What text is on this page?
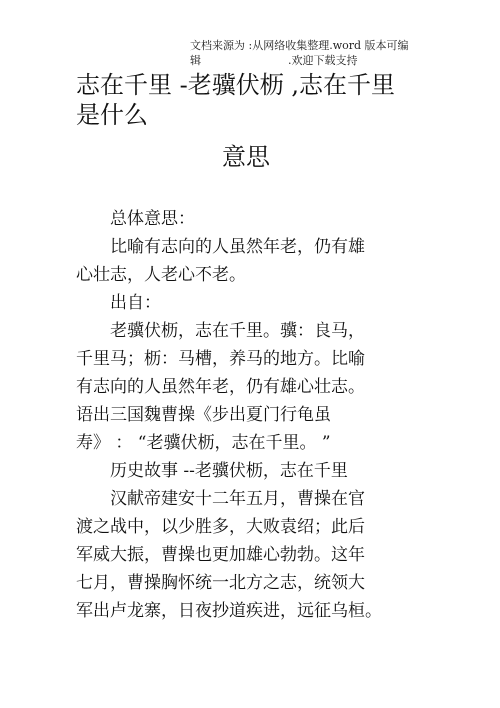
文档来源为 :从网络收集整理.word 版本可编
辑	.欢迎下载支持
志在千里 -老骥伏枥 ,志在千里
是什么
意思
　　总体意思：
　　比喻有志向的人虽然年老，仍有雄
心壮志，人老心不老。
　　出自：
　　老骥伏枥，志在千里。骥：良马，
千里马；枥：马槽，养马的地方。比喻
有志向的人虽然年老，仍有雄心壮志。
语出三国魏曹操《步出夏门行龟虽
寿》 ： “老骥伏枥，志在千里。 ”
　　历史故事 --老骥伏枥，志在千里
　　汉献帝建安十二年五月，曹操在官
渡之战中，以少胜多，大败袁绍；此后
军威大振，曹操也更加雄心勃勃。这年
七月，曹操胸怀统一北方之志，统领大
军出卢龙寨，日夜抄道疾进，远征乌桓。
